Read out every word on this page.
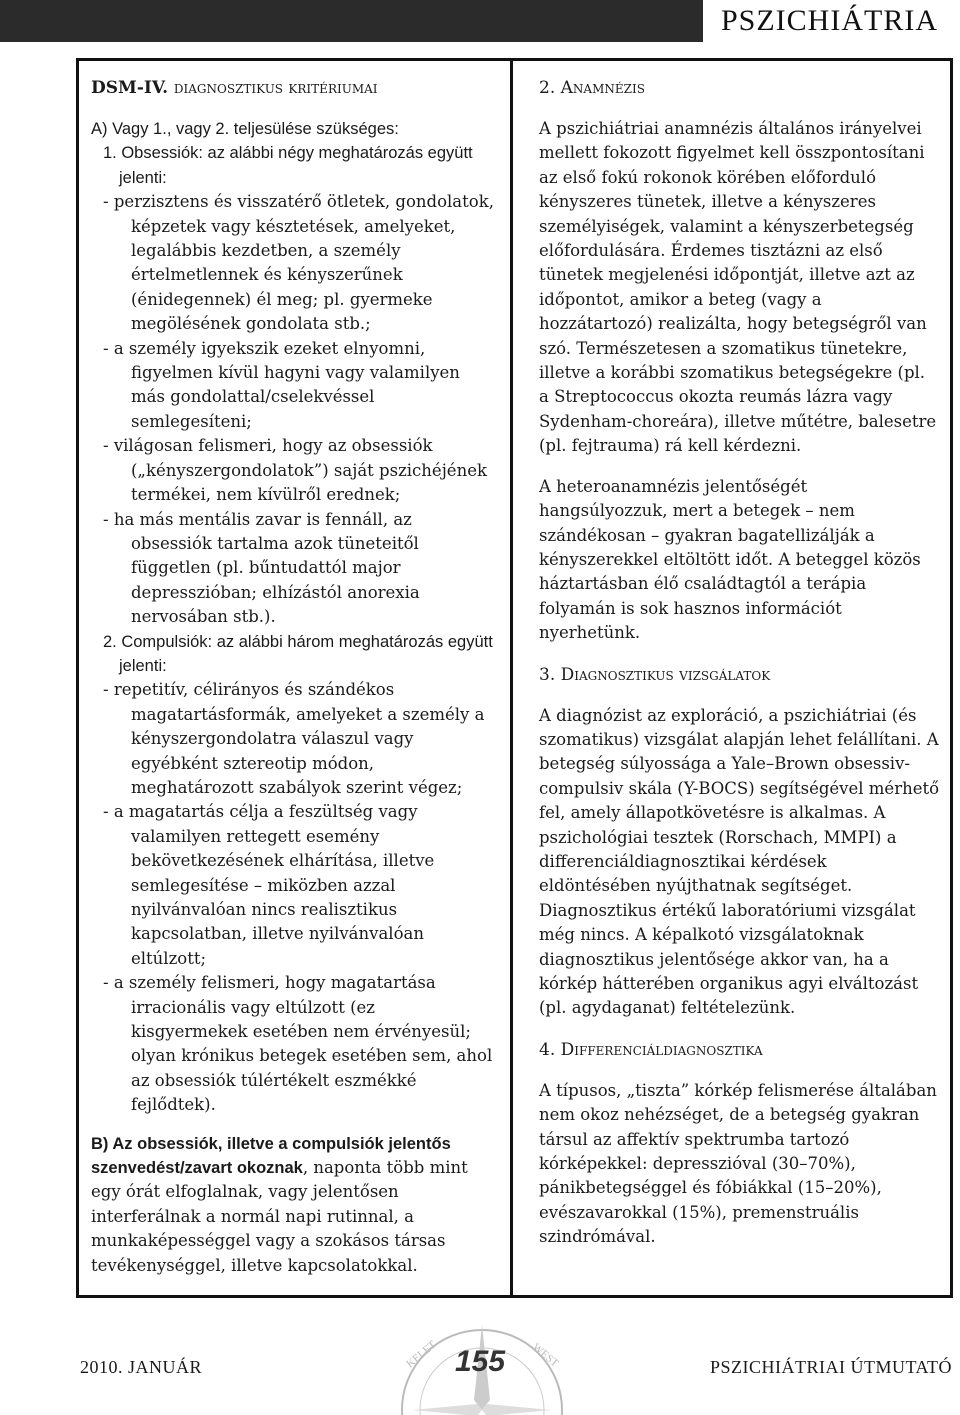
PSZICHIÁTRIA
DSM-IV. diagnosztikus kritériumai

A) Vagy 1., vagy 2. teljesülése szükséges:

1. Obsessiók: az alábbi négy meghatározás együtt jelenti:

- perzisztens és visszatérő ötletek, gondolatok, képzetek vagy késztetések, amelyeket, legalábbis kezdetben, a személy értelmetlennek és kényszerűnek (énidegennek) él meg; pl. gyermeke megölésének gondolata stb.;

- a személy igyekszik ezeket elnyomni, figyelmen kívül hagyni vagy valamilyen más gondolattal/cselekvéssel semlegesíteni;

- világosan felismeri, hogy az obsessiók („kényszergondolatok”) saját pszichéjének termékei, nem kívülről erednek;

- ha más mentális zavar is fennáll, az obsessiók tartalma azok tüneteitől független (pl. bűntudattól major depresszióban; elhízástól anorexia nervosában stb.).

2. Compulsiók: az alábbi három meghatározás együtt jelenti:

- repetitív, célirányos és szándékos magatartásformák, amelyeket a személy a kényszergondolatra válaszul vagy egyébként sztereotip módon, meghatározott szabályok szerint végez;

- a magatartás célja a feszültség vagy valamilyen rettegett esemény bekövetkezésének elhárítása, illetve semlegesítése – miközben azzal nyilvánvalóan nincs realisztikus kapcsolatban, illetve nyilvánvalóan eltúlzott;

- a személy felismeri, hogy magatartása irracionális vagy eltúlzott (ez kisgyermekek esetében nem érvényesül; olyan krónikus betegek esetében sem, ahol az obsessiók túlértékelt eszmékké fejlődtek).

B) Az obsessiók, illetve a compulsiók jelentős szenvedést/zavart okoznak, naponta több mint egy órát elfoglalnak, vagy jelentősen interferálnak a normál napi rutinnal, a munkaképességgel vagy a szokásos társas tevékenységgel, illetve kapcsolatokkal.

2. Anamnézis

A pszichiátriai anamnézis általános irányelvei mellett fokozott figyelmet kell összpontosítani az első fokú rokonok körében előforduló kényszeres tünetek, illetve a kényszeres személyiségek, valamint a kényszerbetegség előfordulására. Érdemes tisztázni az első tünetek megjelenési időpontját, illetve azt az időpontot, amikor a beteg (vagy a hozzátartozó) realizálta, hogy betegségről van szó. Természetesen a szomatikus tünetekre, illetve a korábbi szomatikus betegségekre (pl. a Streptococcus okozta reumás lázra vagy Sydenham-choreára), illetve műtétre, balesetre (pl. fejtrauma) rá kell kérdezni.

A heteroanamnézis jelentőségét hangsúlyozzuk, mert a betegek – nem szándékosan – gyakran bagatellizálják a kényszerekkel eltöltött időt. A beteggel közös háztartásban élő családtagtól a terápia folyamán is sok hasznos információt nyerhetünk.

3. Diagnosztikus vizsgálatok

A diagnózist az exploráció, a pszichiátriai (és szomatikus) vizsgálat alapján lehet felállítani. A betegség súlyossága a Yale–Brown obsessiv-compulsiv skála (Y-BOCS) segítségével mérhető fel, amely állapotkövetésre is alkalmas. A pszichológiai tesztek (Rorschach, MMPI) a differenciáldiagnosztikai kérdések eldöntésében nyújthatnak segítséget. Diagnosztikus értékű laboratóriumi vizsgálat még nincs. A képalkotó vizsgálatoknak diagnosztikus jelentősége akkor van, ha a kórkép hátterében organikus agyi elváltozást (pl. agydaganat) feltételezünk.

4. Differenciáldiagnosztika

A típusos, „tiszta” kórkép felismerése általában nem okoz nehézséget, de a betegség gyakran társul az affektív spektrumba tartozó kórképekkel: depresszióval (30–70%), pánikbetegséggel és fóbiákkal (15–20%), evészavarokkal (15%), premenstruális szindrómával.

KELET	WEST
2010. JANUÁR	155	PSZICHIÁTRIAI ÚTMUTATÓ
